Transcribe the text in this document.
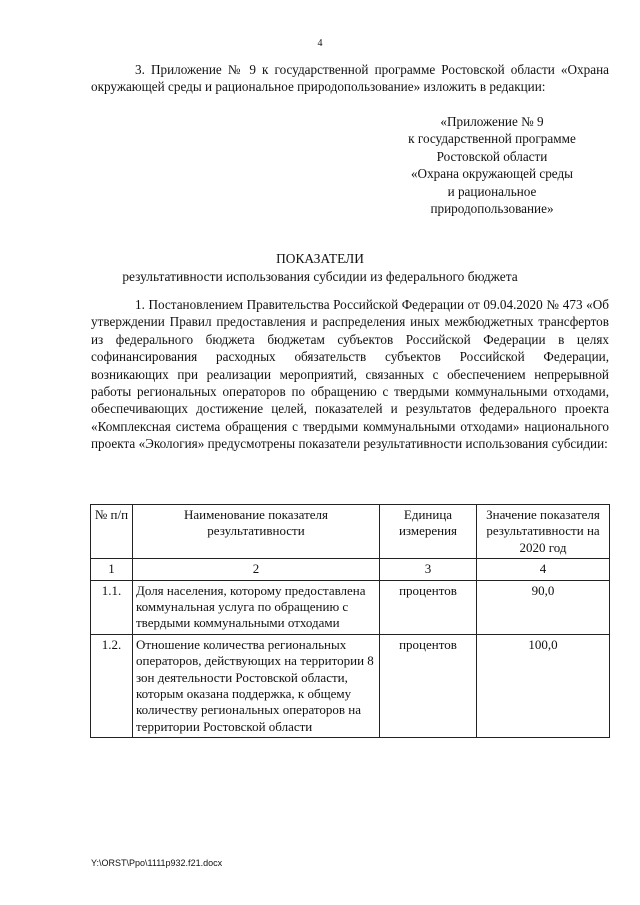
4

3. Приложение № 9 к государственной программе Ростовской области «Охрана окружающей среды и рациональное природопользование» изложить в редакции:

«Приложение № 9
к государственной программе
Ростовской области
«Охрана окружающей среды
и рациональное
природопользование»
ПОКАЗАТЕЛИ
результативности использования субсидии из федерального бюджета

1. Постановлением Правительства Российской Федерации от 09.04.2020 № 473 «Об утверждении Правил предоставления и распределения иных межбюджетных трансфертов из федерального бюджета бюджетам субъектов Российской Федерации в целях софинансирования расходных обязательств субъектов Российской Федерации, возникающих при реализации мероприятий, связанных с обеспечением непрерывной работы региональных операторов по обращению с твердыми коммунальными отходами, обеспечивающих достижение целей, показателей и результатов федерального проекта «Комплексная система обращения с твердыми коммунальными отходами» национального проекта «Экология» предусмотрены показатели результативности использования субсидии:

№ п/п	Наименование показателя результативности	Единица измерения	Значение показателя результативности на 2020 год
1	2	3	4
1.1.	Доля населения, которому предоставлена коммунальная услуга по обращению с твердыми коммунальными отходами	процентов	90,0
1.2.	Отношение количества региональных операторов, действующих на территории 8 зон деятельности Ростовской области, которым оказана поддержка, к общему количеству региональных операторов на территории Ростовской области	процентов	100,0
Y:\ORST\Ppo\1111p932.f21.docx
